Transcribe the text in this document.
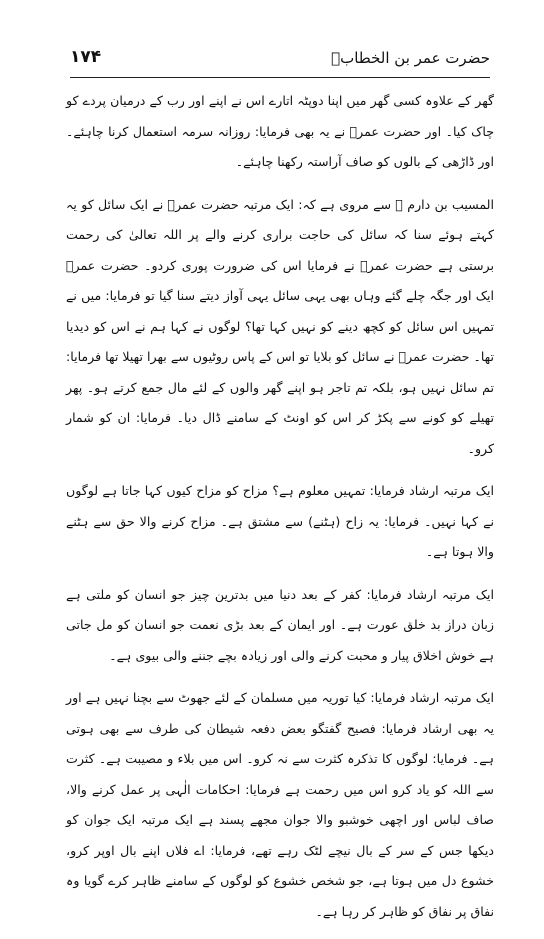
حضرت عمر بن الخطابؓ
۱۷۴

گھر کے علاوہ کسی گھر میں اپنا دوپٹہ اتارے اس نے اپنے اور رب کے درمیان پردے کو چاک کیا۔ اور حضرت عمرؓ نے یہ بھی فرمایا: روزانہ سرمہ استعمال کرنا چاہئے۔ اور ڈاڑھی کے بالوں کو صاف آراستہ رکھنا چاہئے۔

المسیب بن دارم ؒ سے مروی ہے کہ: ایک مرتبہ حضرت عمرؓ نے ایک سائل کو یہ کہتے ہوئے سنا کہ سائل کی حاجت براری کرنے والے پر اللہ تعالیٰ کی رحمت برستی ہے حضرت عمرؓ نے فرمایا اس کی ضرورت پوری کردو۔ حضرت عمرؓ ایک اور جگہ چلے گئے وہاں بھی یہی سائل یہی آواز دیتے سنا گیا تو فرمایا: میں نے تمہیں اس سائل کو کچھ دینے کو نہیں کہا تھا؟ لوگوں نے کہا ہم نے اس کو دیدیا تھا۔ حضرت عمرؓ نے سائل کو بلایا تو اس کے پاس روٹیوں سے بھرا تھیلا تھا فرمایا: تم سائل نہیں ہو، بلکہ تم تاجر ہو اپنے گھر والوں کے لئے مال جمع کرتے ہو۔ پھر تھیلے کو کونے سے پکڑ کر اس کو اونٹ کے سامنے ڈال دیا۔ فرمایا: ان کو شمار کرو۔

ایک مرتبہ ارشاد فرمایا: تمہیں معلوم ہے؟ مزاح کو مزاح کیوں کہا جاتا ہے لوگوں نے کہا نہیں۔ فرمایا: یہ زاح (ہٹنے) سے مشتق ہے۔ مزاح کرنے والا حق سے ہٹنے والا ہوتا ہے۔

ایک مرتبہ ارشاد فرمایا: کفر کے بعد دنیا میں بدترین چیز جو انسان کو ملتی ہے زبان دراز بد خلق عورت ہے۔ اور ایمان کے بعد بڑی نعمت جو انسان کو مل جاتی ہے خوش اخلاق پیار و محبت کرنے والی اور زیادہ بچے جننے والی بیوی ہے۔

ایک مرتبہ ارشاد فرمایا: کیا توریہ میں مسلمان کے لئے جھوٹ سے بچنا نہیں ہے اور یہ بھی ارشاد فرمایا: فصیح گفتگو بعض دفعہ شیطان کی طرف سے بھی ہوتی ہے۔ فرمایا: لوگوں کا تذکرہ کثرت سے نہ کرو۔ اس میں بلاء و مصیبت ہے۔ کثرت سے اللہ کو یاد کرو اس میں رحمت ہے فرمایا: احکامات الٰہی پر عمل کرنے والا، صاف لباس اور اچھی خوشبو والا جوان مجھے پسند ہے ایک مرتبہ ایک جوان کو دیکھا جس کے سر کے بال نیچے لٹک رہے تھے، فرمایا: اے فلاں اپنے بال اوپر کرو، خشوع دل میں ہوتا ہے، جو شخص خشوع کو لوگوں کے سامنے ظاہر کرے گویا وہ نفاق پر نفاق کو ظاہر کر رہا ہے۔
